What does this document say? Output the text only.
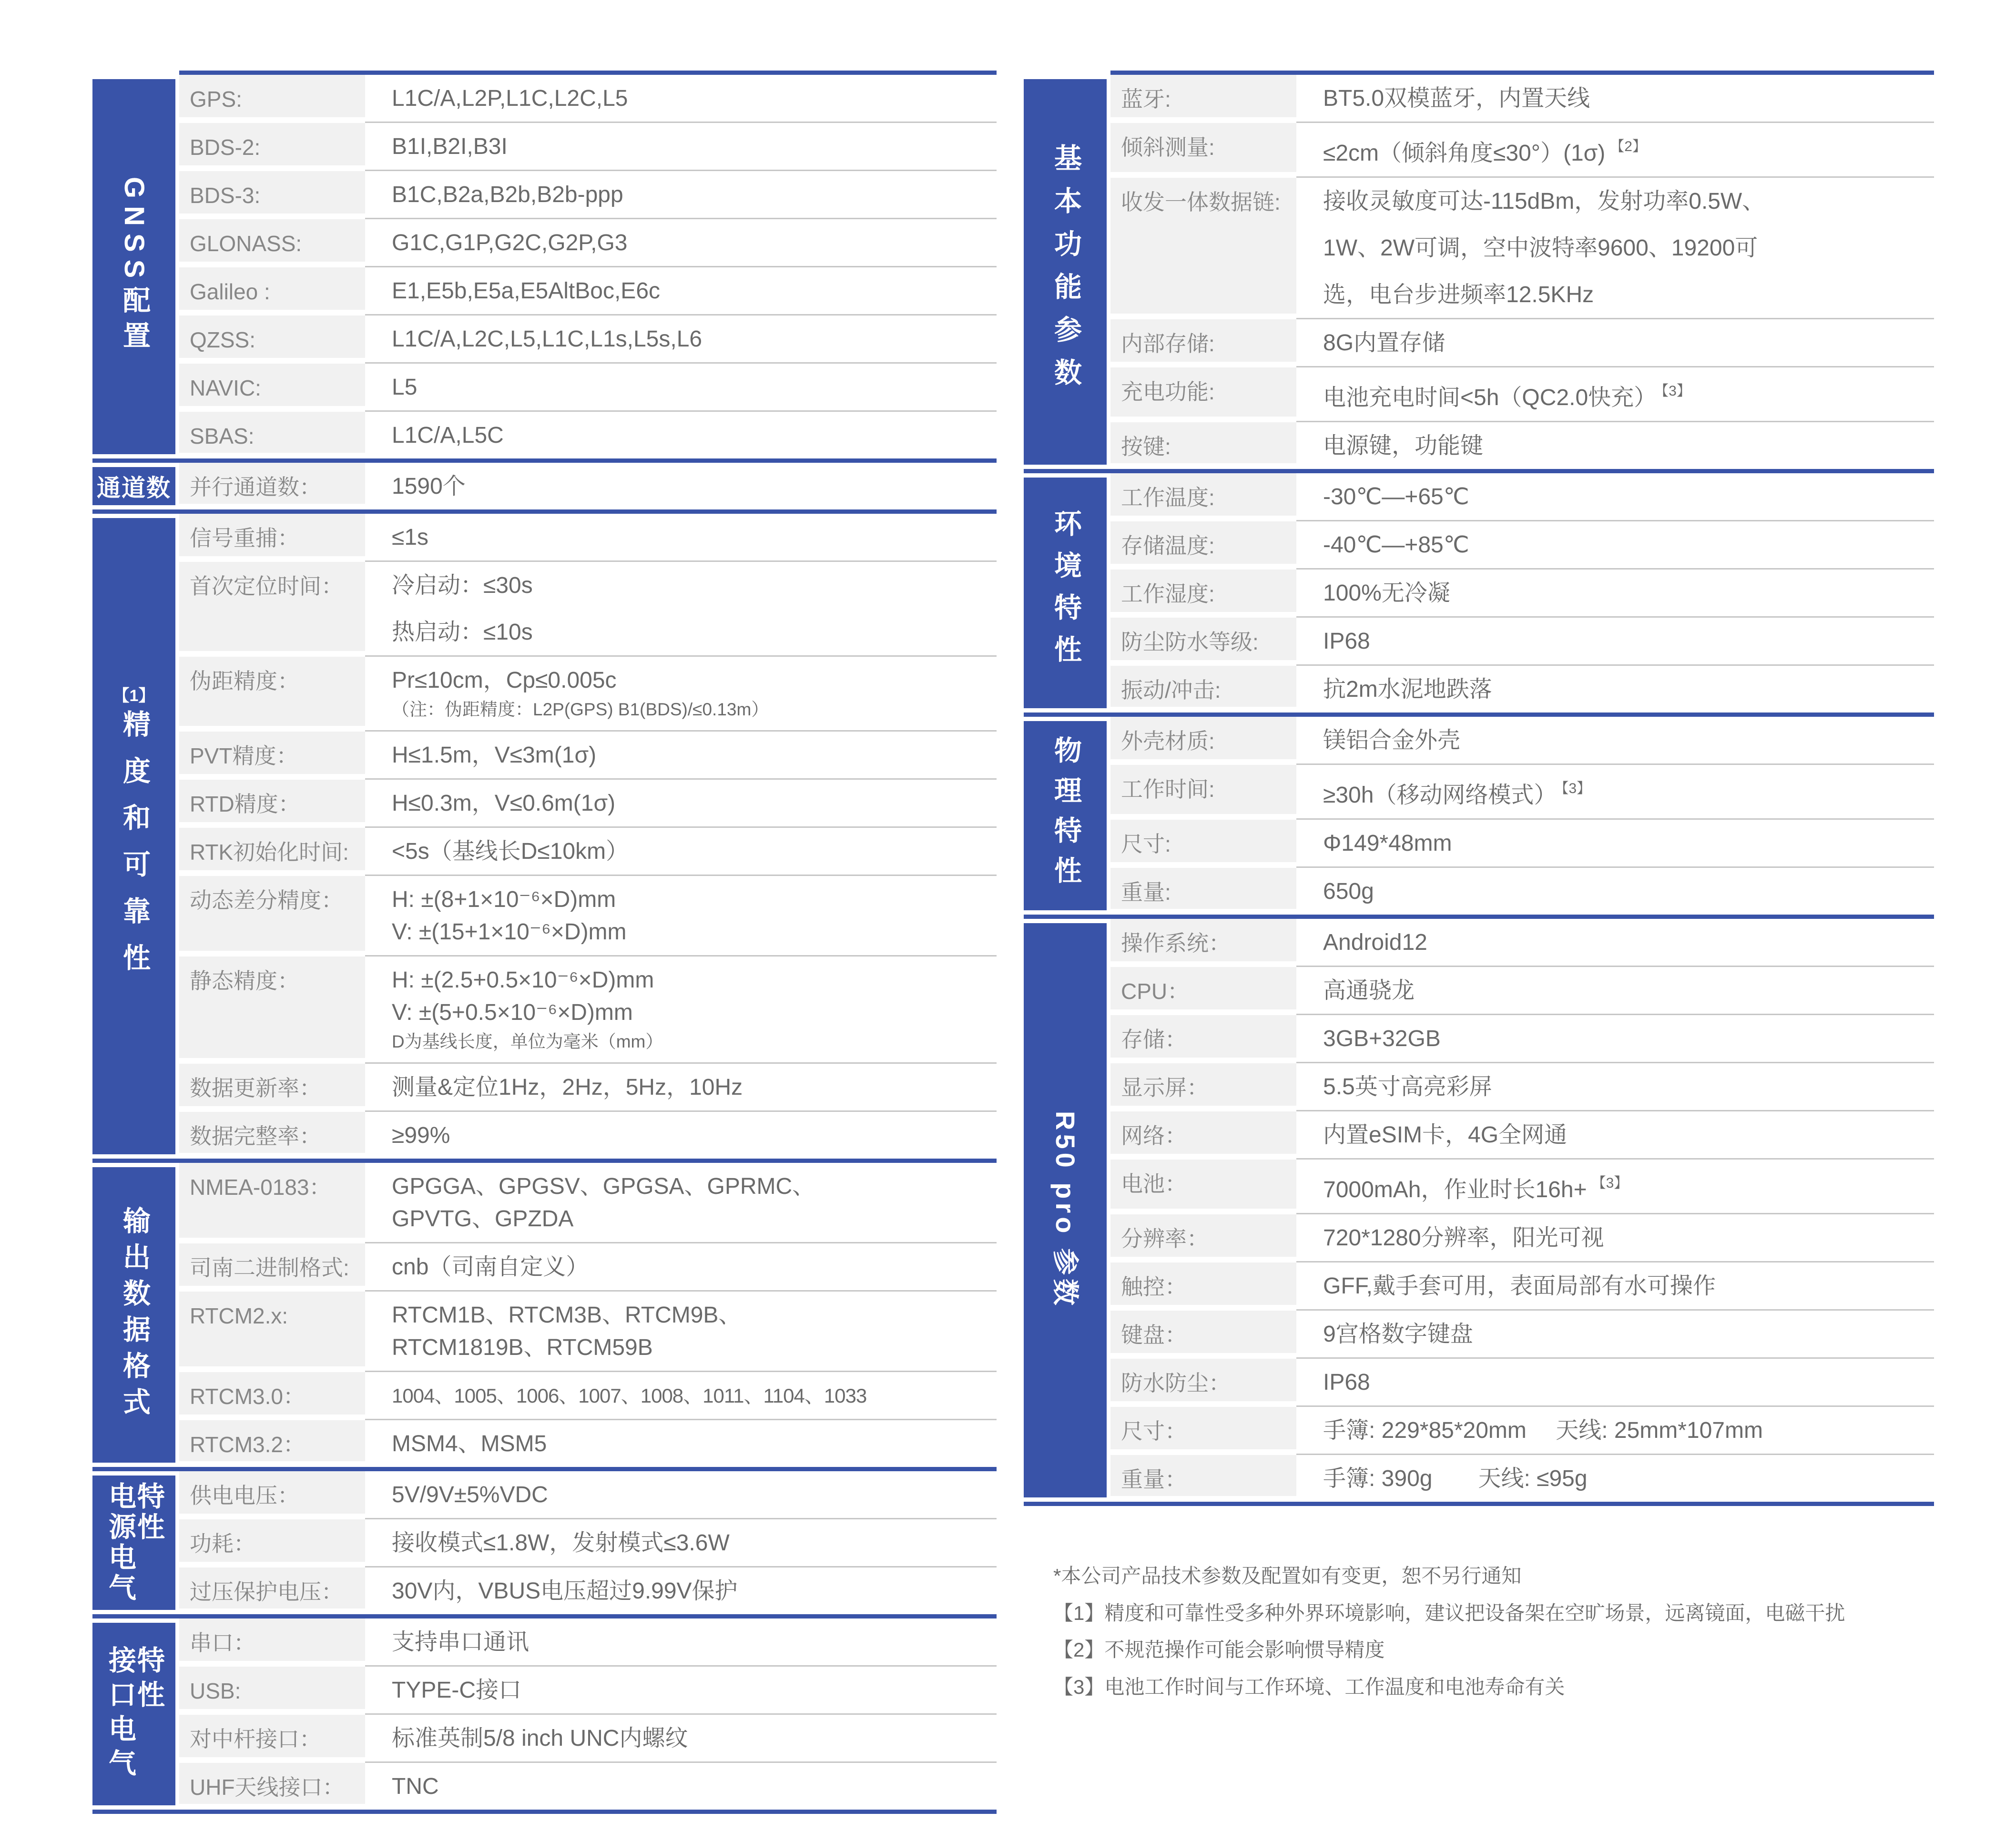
GNSS配置
GPS:	L1C/A,L2P,L1C,L2C,L5
BDS-2:	B1I,B2I,B3I
BDS-3:	B1C,B2a,B2b,B2b-ppp
GLONASS:	G1C,G1P,G2C,G2P,G3
Galileo :	E1,E5b,E5a,E5AltBoc,E6c
QZSS:	L1C/A,L2C,L5,L1C,L1s,L5s,L6
NAVIC:	L5
SBAS:	L1C/A,L5C
通道数 并行通道数：	1590个
【1】
精度和可靠性
信号重捕：	≤1s
首次定位时间：	冷启动：≤30s
热启动：≤10s
伪距精度：	Pr≤10cm，Cp≤0.005c
（注：伪距精度：L2P(GPS) B1(BDS)/≤0.13m）
PVT精度：	H≤1.5m，V≤3m(1σ)
RTD精度：	H≤0.3m，V≤0.6m(1σ)
RTK初始化时间:	<5s（基线长D≤10km）
动态差分精度：	H: ±(8+1×10⁻⁶×D)mm
V: ±(15+1×10⁻⁶×D)mm
静态精度：	H: ±(2.5+0.5×10⁻⁶×D)mm
V: ±(5+0.5×10⁻⁶×D)mm
D为基线长度，单位为毫米（mm）
数据更新率：	测量&定位1Hz，2Hz，5Hz，10Hz
数据完整率：	≥99%
输出数据格式
NMEA-0183：	GPGGA、GPGSV、GPGSA、GPRMC、
GPVTG、GPZDA
司南二进制格式:	cnb（司南自定义）
RTCM2.x:	RTCM1B、RTCM3B、RTCM9B、
RTCM1819B、RTCM59B
RTCM3.0：	1004、1005、1006、1007、1008、1011、1104、1033
RTCM3.2：	MSM4、MSM5
电源电气
特性	供电电压：	5V/9V±5%VDC
功耗：	接收模式≤1.8W，发射模式≤3.6W
过压保护电压：	30V内，VBUS电压超过9.99V保护
接口电气
特性
串口：	支持串口通讯
USB:	TYPE-C接口
对中杆接口：	标准英制5/8 inch UNC内螺纹
UHF天线接口：	TNC
基本功能参数
蓝牙:	BT5.0双模蓝牙，内置天线
倾斜测量:	≤2cm（倾斜角度≤30°）(1σ) $^{【2】}$
收发一体数据链:	接收灵敏度可达-115dBm，发射功率0.5W、
1W、2W可调，空中波特率9600、19200可
选，电台步进频率12.5KHz
内部存储:	8G内置存储
充电功能:	电池充电时间<5h（QC2.0快充） $^{【3】}$
按键:	电源键，功能键
环境特性
工作温度:	-30℃—+65℃
存储温度:	-40℃—+85℃
工作湿度:	100%无冷凝
防尘防水等级:	IP68
振动/冲击:	抗2m水泥地跌落
物理特性	外壳材质:	镁铝合金外壳
工作时间:	≥30h（移动网络模式） $^{【3】}$
尺寸:	Φ149*48mm
重量:	650g
R50 pro 参数
操作系统：	Android12
CPU：	高通骁龙
存储：	3GB+32GB
显示屏：	5.5英寸高亮彩屏
网络：	内置eSIM卡，4G全网通
电池：	7000mAh，作业时长16h+ $^{【3】}$
分辨率：	720*1280分辨率，阳光可视
触控：	GFF,戴手套可用，表面局部有水可操作
键盘：	9宫格数字键盘
防水防尘：	IP68
尺寸：	手簿: 229*85*20mm　 天线: 25mm*107mm
重量：	手簿: 390g　　天线: ≤95g
*本公司产品技术参数及配置如有变更，恕不另行通知
【1】精度和可靠性受多种外界环境影响，建议把设备架在空旷场景，远离镜面，电磁干扰
【2】不规范操作可能会影响惯导精度
【3】电池工作时间与工作环境、工作温度和电池寿命有关
